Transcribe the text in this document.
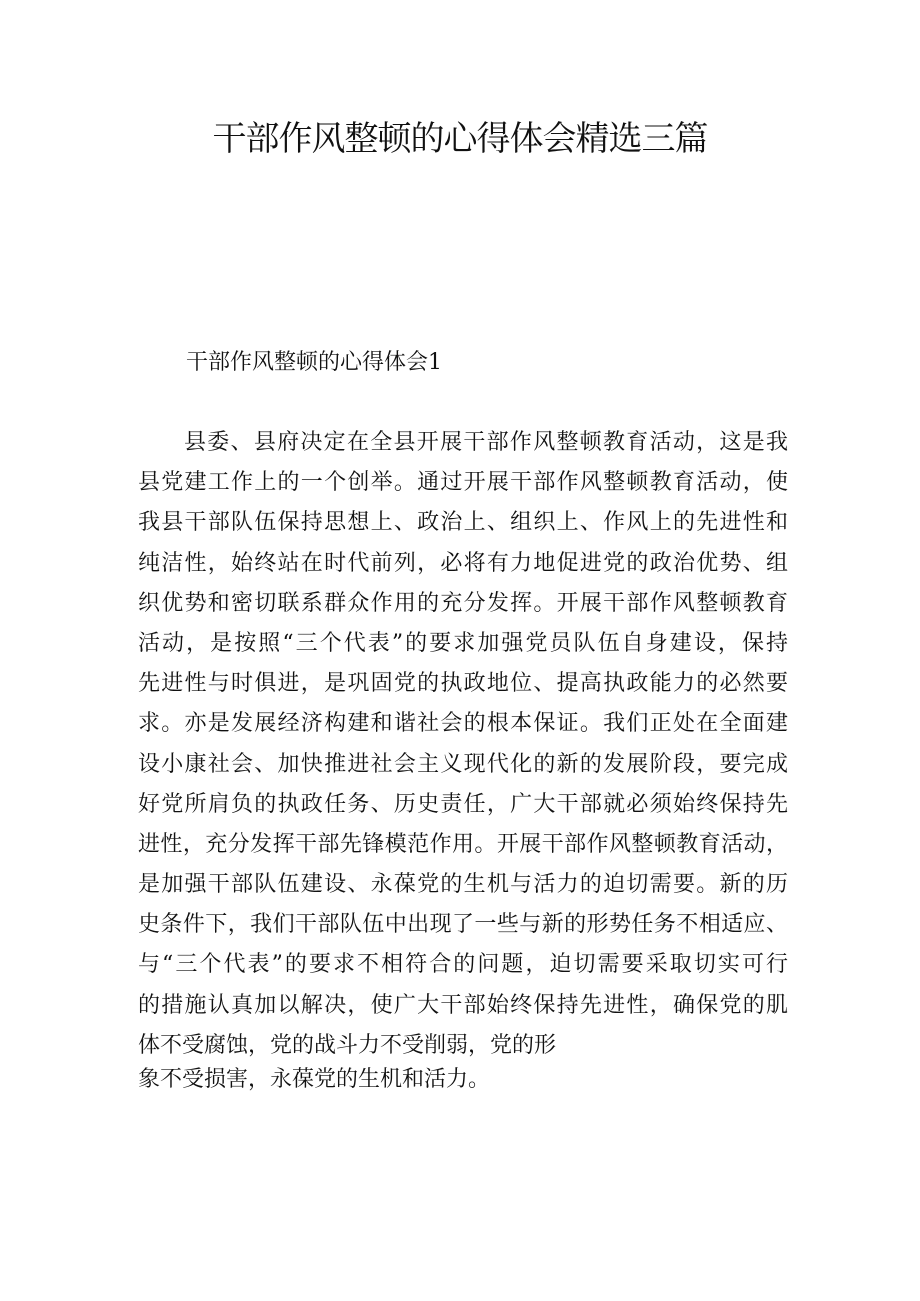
干部作风整顿的心得体会精选三篇
干部作风整顿的心得体会1
县委、县府决定在全县开展干部作风整顿教育活动，这是我
县党建工作上的一个创举。通过开展干部作风整顿教育活动，使
我县干部队伍保持思想上、政治上、组织上、作风上的先进性和
纯洁性，始终站在时代前列，必将有力地促进党的政治优势、组
织优势和密切联系群众作用的充分发挥。开展干部作风整顿教育
活动，是按照“三个代表”的要求加强党员队伍自身建设，保持
先进性与时俱进，是巩固党的执政地位、提高执政能力的必然要
求。亦是发展经济构建和谐社会的根本保证。我们正处在全面建
设小康社会、加快推进社会主义现代化的新的发展阶段，要完成
好党所肩负的执政任务、历史责任，广大干部就必须始终保持先
进性，充分发挥干部先锋模范作用。开展干部作风整顿教育活动，
是加强干部队伍建设、永葆党的生机与活力的迫切需要。新的历
史条件下，我们干部队伍中出现了一些与新的形势任务不相适应、
与“三个代表”的要求不相符合的问题，迫切需要采取切实可行
的措施认真加以解决，使广大干部始终保持先进性，确保党的肌
体不受腐蚀，党的战斗力不受削弱，党的形
象不受损害，永葆党的生机和活力。
